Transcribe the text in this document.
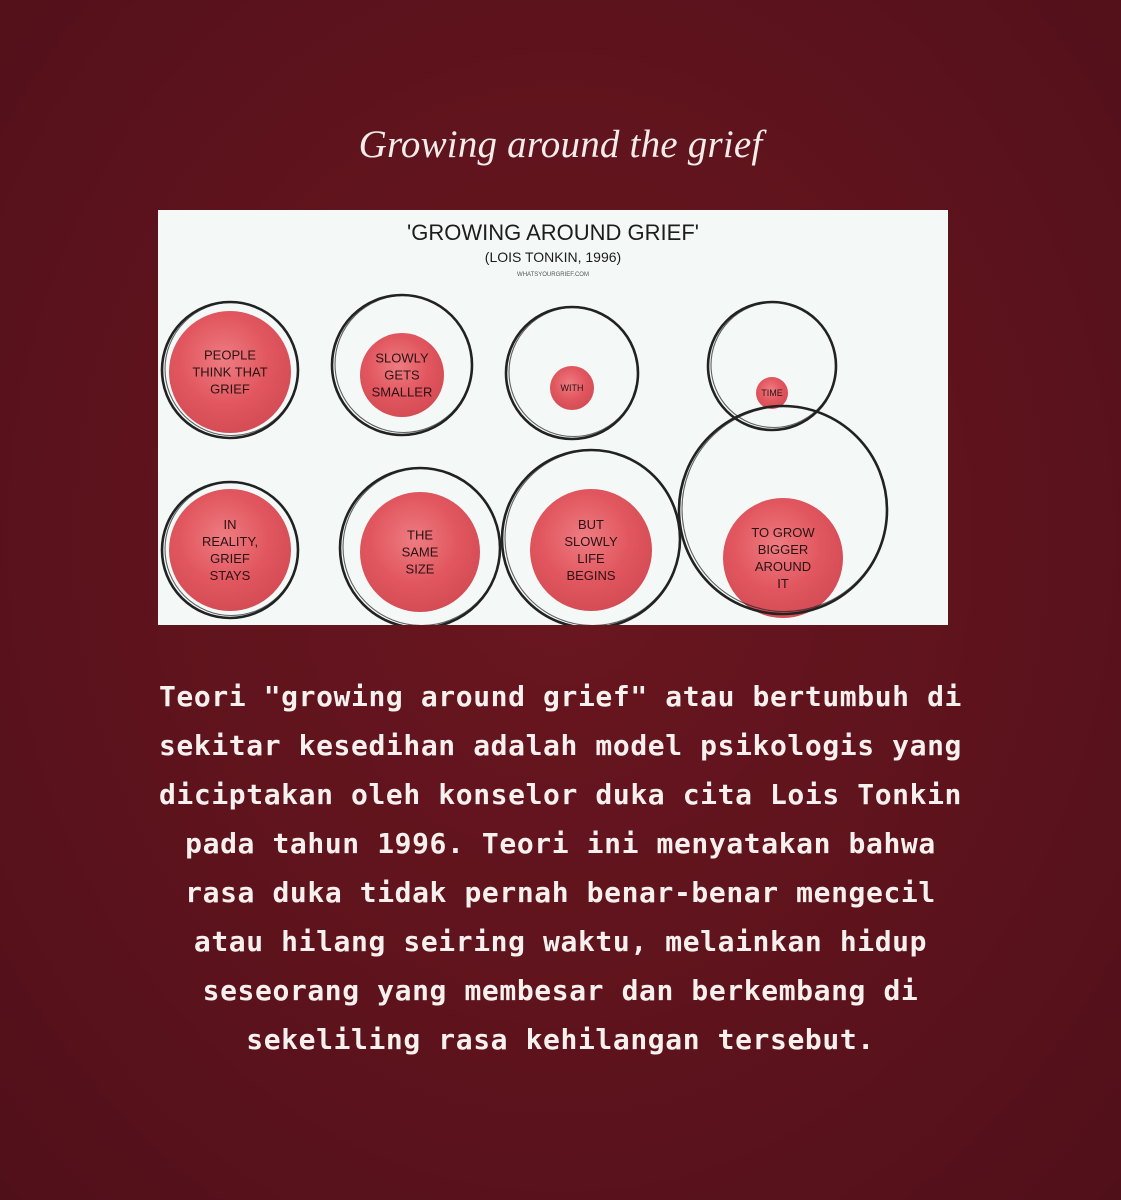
Growing around the grief
'GROWING AROUND GRIEF'
(LOIS TONKIN, 1996)
WHATSYOURGRIEF.COM
PEOPLE
THINK THAT
GRIEF
SLOWLY
GETS
SMALLER	WITH	TIME
IN
REALITY,
GRIEF
STAYS
THE
SAME
SIZE
BUT
SLOWLY
LIFE
BEGINS
TO GROW
BIGGER
AROUND
IT

Teori "growing around grief" atau bertumbuh di
sekitar kesedihan adalah model psikologis yang
diciptakan oleh konselor duka cita Lois Tonkin
pada tahun 1996. Teori ini menyatakan bahwa
rasa duka tidak pernah benar-benar mengecil
atau hilang seiring waktu, melainkan hidup
seseorang yang membesar dan berkembang di
sekeliling rasa kehilangan tersebut.
